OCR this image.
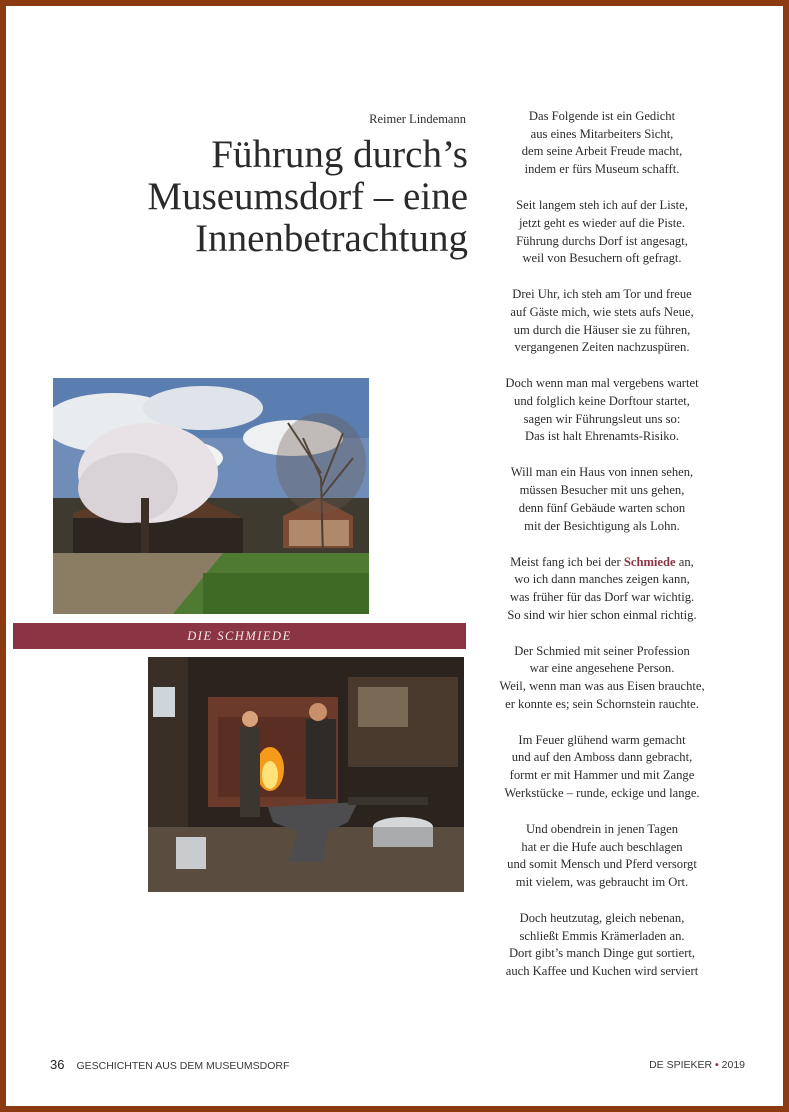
Reimer Lindemann
Führung durch’s
Museumsdorf – eine
Innenbetrachtung
DIE SCHMIEDE
Das Folgende ist ein Gedicht
aus eines Mitarbeiters Sicht,
dem seine Arbeit Freude macht,
indem er fürs Museum schafft.
Seit langem steh ich auf der Liste,
jetzt geht es wieder auf die Piste.
Führung durchs Dorf ist angesagt,
weil von Besuchern oft gefragt.
Drei Uhr, ich steh am Tor und freue
auf Gäste mich, wie stets aufs Neue,
um durch die Häuser sie zu führen,
vergangenen Zeiten nachzuspüren.
Doch wenn man mal vergebens wartet
und folglich keine Dorftour startet,
sagen wir Führungsleut uns so:
Das ist halt Ehrenamts-Risiko.
Will man ein Haus von innen sehen,
müssen Besucher mit uns gehen,
denn fünf Gebäude warten schon
mit der Besichtigung als Lohn.
Meist fang ich bei der Schmiede an,
wo ich dann manches zeigen kann,
was früher für das Dorf war wichtig.
So sind wir hier schon einmal richtig.
Der Schmied mit seiner Profession
war eine angesehene Person.
Weil, wenn man was aus Eisen brauchte,
er konnte es; sein Schornstein rauchte.
Im Feuer glühend warm gemacht
und auf den Amboss dann gebracht,
formt er mit Hammer und mit Zange
Werkstücke – runde, eckige und lange.
Und obendrein in jenen Tagen
hat er die Hufe auch beschlagen
und somit Mensch und Pferd versorgt
mit vielem, was gebraucht im Ort.
Doch heutzutag, gleich nebenan,
schließt Emmis Krämerladen an.
Dort gibt’s manch Dinge gut sortiert,
auch Kaffee und Kuchen wird serviert
36 GESCHICHTEN AUS DEM MUSEUMSDORF	DE SPIEKER • 2019
